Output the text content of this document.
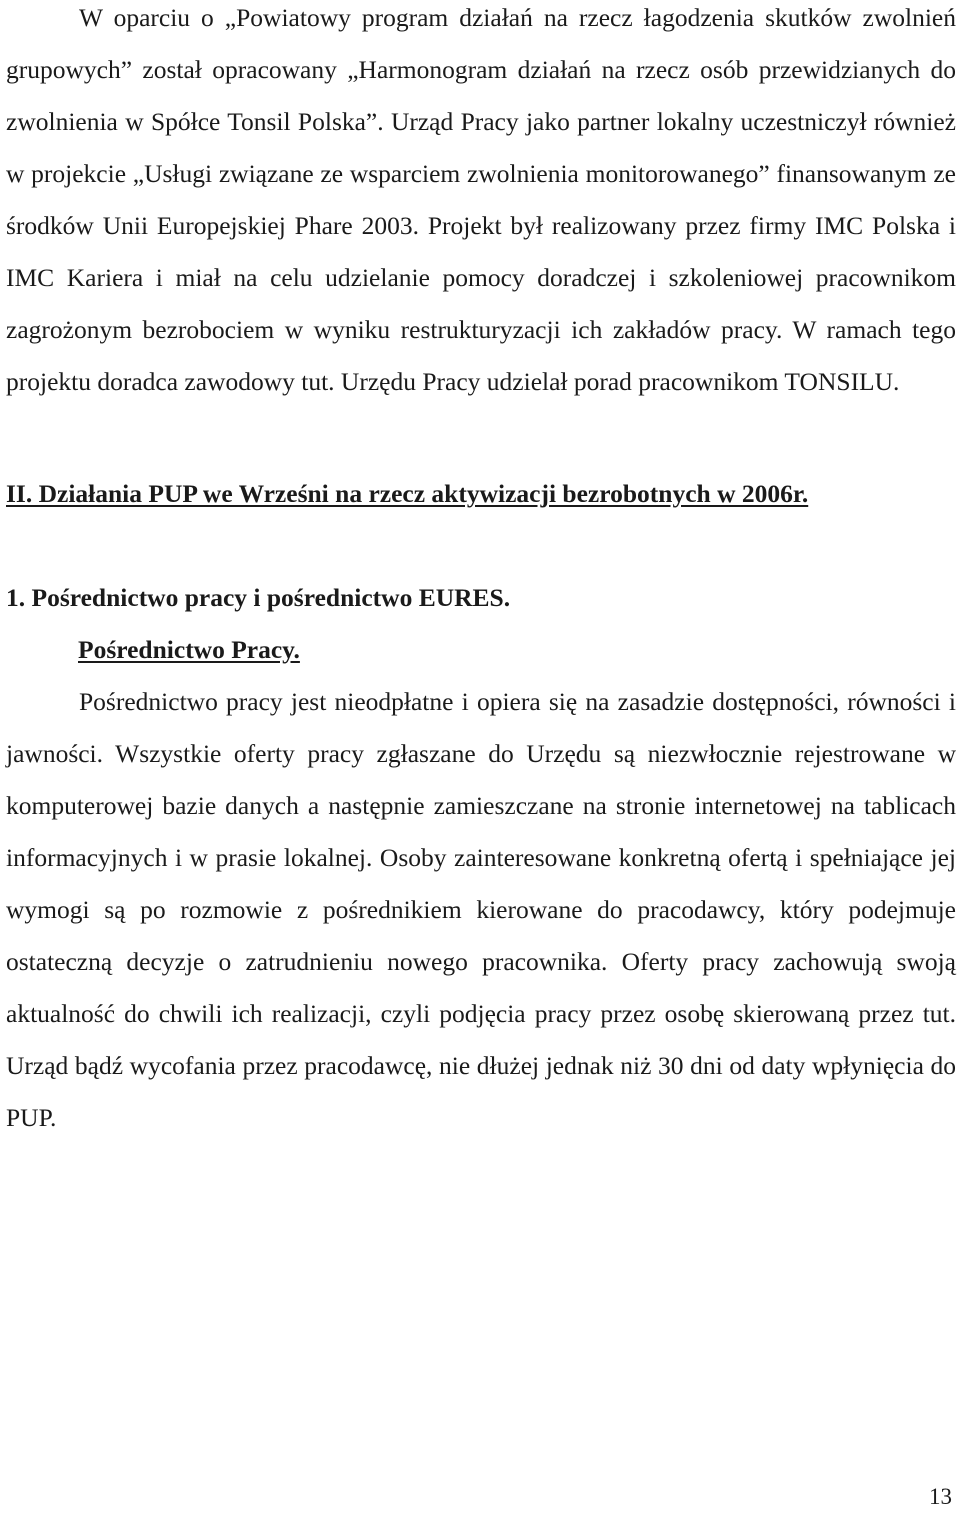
W oparciu o „Powiatowy program działań na rzecz łagodzenia skutków zwolnień grupowych” został opracowany „Harmonogram działań na rzecz osób przewidzianych do zwolnienia w Spółce Tonsil Polska”. Urząd Pracy jako partner lokalny uczestniczył również w projekcie „Usługi związane ze wsparciem zwolnienia monitorowanego” finansowanym ze środków Unii Europejskiej Phare 2003. Projekt był realizowany przez firmy IMC Polska i IMC Kariera i miał na celu udzielanie pomocy doradczej i szkoleniowej pracownikom zagrożonym bezrobociem w wyniku restrukturyzacji ich zakładów pracy. W ramach tego projektu doradca zawodowy tut. Urzędu Pracy udzielał porad pracownikom TONSILU.

II. Działania PUP we Wrześni na rzecz aktywizacji bezrobotnych w 2006r.
1. Pośrednictwo pracy i pośrednictwo EURES.
Pośrednictwo Pracy.

Pośrednictwo pracy jest nieodpłatne i opiera się na zasadzie dostępności, równości i jawności. Wszystkie oferty pracy zgłaszane do Urzędu są niezwłocznie rejestrowane w komputerowej bazie danych a następnie zamieszczane na stronie internetowej na tablicach informacyjnych i w prasie lokalnej. Osoby zainteresowane konkretną ofertą i spełniające jej wymogi są po rozmowie z pośrednikiem kierowane do pracodawcy, który podejmuje ostateczną decyzje o zatrudnieniu nowego pracownika. Oferty pracy zachowują swoją aktualność do chwili ich realizacji, czyli podjęcia pracy przez osobę skierowaną przez tut. Urząd bądź wycofania przez pracodawcę, nie dłużej jednak niż 30 dni od daty wpłynięcia do PUP.

13
